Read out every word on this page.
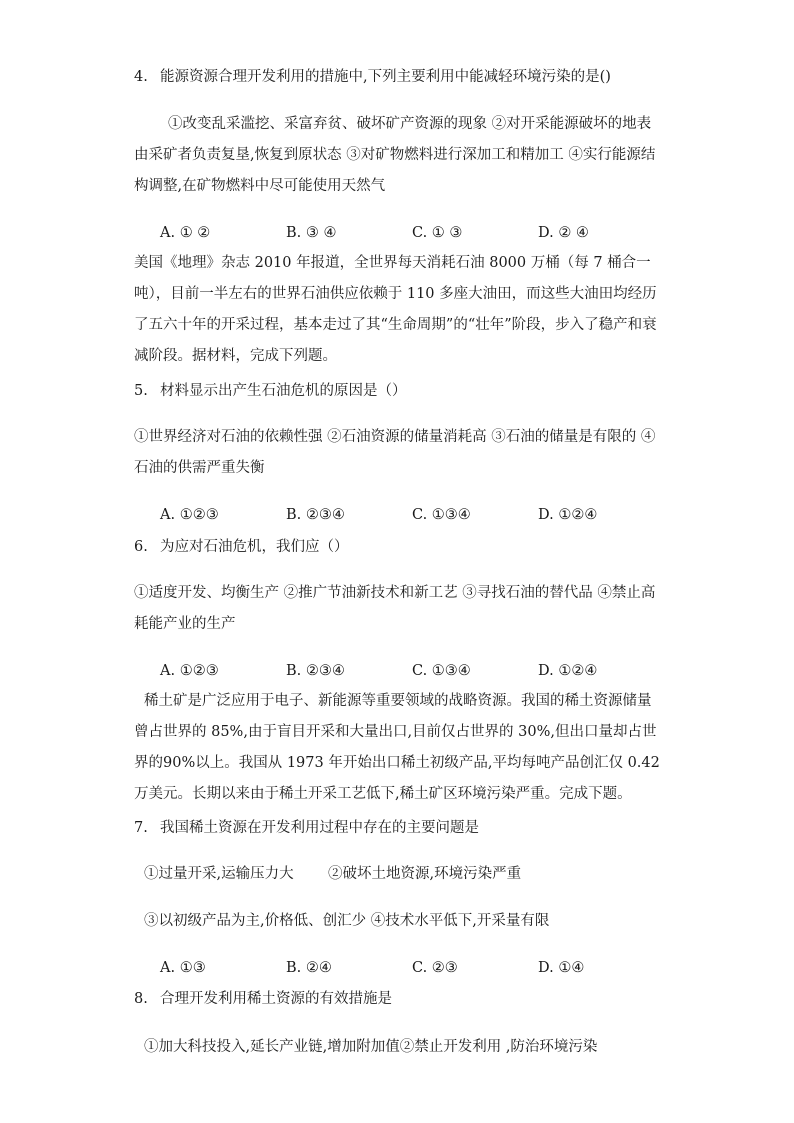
4. 能源资源合理开发利用的措施中,下列主要利用中能减轻环境污染的是()
①改变乱采滥挖、采富弃贫、破坏矿产资源的现象 ②对开采能源破坏的地表由采矿者负责复垦,恢复到原状态 ③对矿物燃料进行深加工和精加工 ④实行能源结构调整,在矿物燃料中尽可能使用天然气
A. ① ②	B. ③ ④	C. ① ③	D. ② ④
美国《地理》杂志 2010 年报道，全世界每天消耗石油 8000 万桶（每 7 桶合一吨），目前一半左右的世界石油供应依赖于 110 多座大油田，而这些大油田均经历了五六十年的开采过程，基本走过了其“生命周期”的“壮年”阶段，步入了稳产和衰减阶段。据材料，完成下列题。
5. 材料显示出产生石油危机的原因是（）
①世界经济对石油的依赖性强 ②石油资源的储量消耗高 ③石油的储量是有限的 ④石油的供需严重失衡
A. ①②③	B. ②③④	C. ①③④	D. ①②④
6. 为应对石油危机，我们应（）
①适度开发、均衡生产 ②推广节油新技术和新工艺 ③寻找石油的替代品 ④禁止高耗能产业的生产
A. ①②③	B. ②③④	C. ①③④	D. ①②④
稀土矿是广泛应用于电子、新能源等重要领域的战略资源。我国的稀土资源储量曾占世界的 85%,由于盲目开采和大量出口,目前仅占世界的 30%,但出口量却占世界的90%以上。我国从 1973 年开始出口稀土初级产品,平均每吨产品创汇仅 0.42 万美元。长期以来由于稀土开采工艺低下,稀土矿区环境污染严重。完成下题。
7. 我国稀土资源在开发利用过程中存在的主要问题是
①过量开采,运输压力大 ②破坏土地资源,环境污染严重
③以初级产品为主,价格低、创汇少 ④技术水平低下,开采量有限
A. ①③	B. ②④	C. ②③	D. ①④
8. 合理开发利用稀土资源的有效措施是
①加大科技投入,延长产业链,增加附加值②禁止开发利用 ,防治环境污染
